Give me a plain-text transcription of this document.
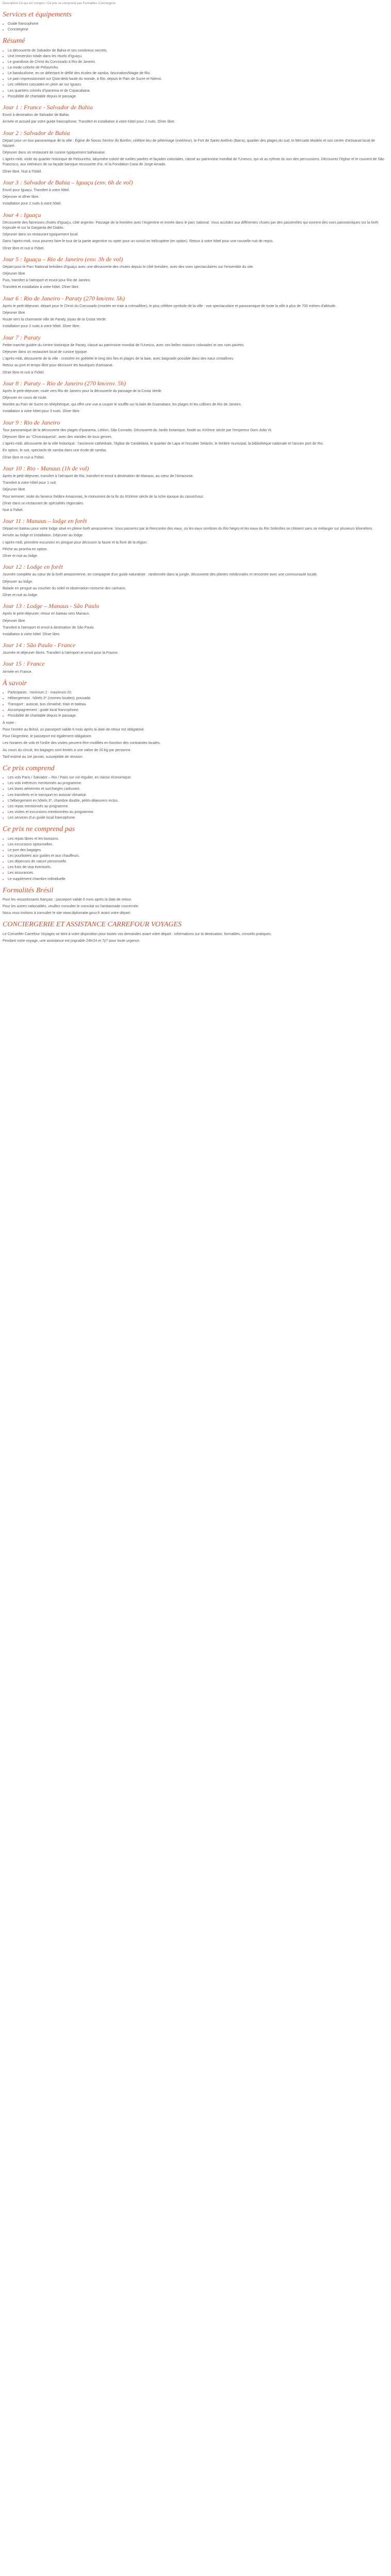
Description Ce qui est compris • Ce prix ne comprend pas Formalités Conciergerie
Services et équipements
• Guide francophone
• Conciergerie
Résumé
• La découverte de Salvador de Bahia et ses nombreux secrets.
• Une immersion totale dans les rituels d'Iguaçu.
• Le grandiose de Christ du Corcovado à Rio de Janeiro.
• La mode colorée de Pelourinho.
• Le bandoulisme, en se délectant le défilé des écoles de samba, fascination/Magie de Rio.
• Le pain impressionnant sur Quoi-delà haute du monde, à Rio, depuis le Pain de Sucre et Niteroi.
• Les célèbres cascades en plein air sur Iguazu.
• Les quartiers colorés d'Ipanema et de Copacabana.
• Possibilité de charitable depuis le passage.
Jour 1 : France - Salvador de Bahia

Envol à destination de Salvador de Bahia.

Arrivée et accueil par votre guide francophone. Transfert et installation à votre hôtel pour 2 nuits. Dîner libre.

Jour 2 : Salvador de Bahia

Départ pour un tour panoramique de la ville : Église de Nosso Senhor do Bonfim, célèbre lieu de pèlerinage (extérieur), le Fort de Santo Antônio (Barra), quartier des plages du sud, le Mercado Modelo et son centre d'artisanat local de Nazaré.

Déjeuner dans un restaurant de cuisine typiquement bahianaise.

L'après-midi, visite du quartier historique de Pelourinho, labyrinthe coloré de ruelles pavées et façades coloniales, classé au patrimoine mondial de l'Unesco, qui vit au rythme du son des percussions. Découvrez l'église et le couvent de São Francisco, aux intérieurs de sa façade baroque recouverte d'or, et la Fondation Casa de Jorge Amado.

Dîner libre. Nuit à l'hôtel.

Jour 3 : Salvador de Bahia – Iguaçu (env. 6h de vol)

Envol pour Iguaçu. Transfert à votre hôtel.

Déjeuner et dîner libre.

Installation pour 2 nuits à votre hôtel.

Jour 4 : Iguaçu

Découverte des fameuses chutes d'Iguaçu, côté argentin. Passage de la frontière avec l'Argentine et entrée dans le parc national. Vous accédez aux différentes chutes par des passerelles qui ouvrent des vues panoramiques sur la forêt tropicale et sur la Garganta del Diablo.

Déjeuner dans un restaurant typiquement local.

Dans l'après-midi, vous pourrez faire le tour de la partie argentine ou opter pour un survol en hélicoptère (en option). Retour à votre hôtel pour une nouvelle nuit de repos.

Dîner libre et nuit à l'hôtel.

Jour 5 : Iguaçu – Rio de Janeiro (env. 3h de vol)

Départ pour le Parc National brésilien d'Iguaçu avec une découverte des chutes depuis le côté brésilien, avec des vues spectaculaires sur l'ensemble du site.

Déjeuner libre.

Puis, transfert à l'aéroport et envol pour Rio de Janeiro.

Transfert et installation à votre hôtel. Dîner libre.

Jour 6 : Rio de Janeiro - Paraty (270 km/env. 5h)

Après le petit-déjeuner, départ pour le Christ du Corcovado (montée en train à crémaillère), le plus célèbre symbole de la ville : vue spectaculaire et panoramique de toute la ville à plus de 700 mètres d'altitude.

Déjeuner libre.

Route vers la charmante ville de Paraty, joyau de la Costa Verde.

Installation pour 2 nuits à votre hôtel. Dîner libre.

Jour 7 : Paraty

Petite marche guidée du centre historique de Paraty, classé au patrimoine mondial de l'Unesco, avec ses belles maisons coloniales et ses rues pavées.

Déjeuner dans un restaurant local de cuisine typique.

L'après-midi, découverte de la ville : croisière en goélette le long des îles et plages de la baie, avec baignade possible dans des eaux cristallines.

Retour au port et temps libre pour découvrir les boutiques d'artisanat.

Dîner libre et nuit à l'hôtel.

Jour 8 : Paraty – Rio de Janeiro (270 km/env. 5h)

Après le petit-déjeuner, route vers Rio de Janeiro pour la découverte du passage de la Costa Verde.

Déjeuner en cours de route.

Montée au Pain de Sucre en téléphérique, qui offre une vue à couper le souffle sur la baie de Guanabara, les plages et les collines de Rio de Janeiro.

Installation à votre hôtel pour 3 nuits. Dîner libre.

Jour 9 : Rio de Janeiro

Tour panoramique de la découverte des plages d'Ipanema, Leblon, São Conrado. Découverte du Jardin botanique, fondé au XIXème siècle par l'empereur Dom João VI.

Déjeuner libre au "Churrasqueria", avec des viandes de tous genres.

L'après-midi, découverte de la ville historique : l'ancienne cathédrale, l'église de Candelária, le quartier de Lapa et l'escalier Selarón, le théâtre municipal, la bibliothèque nationale et l'ancien port de Rio.

En option, le soir, spectacle de samba dans une école de samba.

Dîner libre et nuit à l'hôtel.

Jour 10 : Rio - Manaus (1h de vol)

Après le petit-déjeuner, transfert à l'aéroport de Rio, transfert et envol à destination de Manaus, au cœur de l'Amazonie.

Transfert à votre hôtel pour 1 nuit.

Déjeuner libre.

Pour terminer, visite du fameux théâtre Amazonas, le monument de la fin du XIXème siècle de la riche époque du caoutchouc.

Dîner dans un restaurant de spécialités régionales.

Nuit à l'hôtel.

Jour 11 : Manaus – lodge en forêt

Départ en bateau pour votre lodge situé en pleine forêt amazonienne. Vous passerez par la Rencontre des eaux, où les eaux sombres du Rio Negro et les eaux du Rio Solimões se côtoient sans se mélanger sur plusieurs kilomètres.

Arrivée au lodge et installation. Déjeuner au lodge.

L'après-midi, première excursion en pirogue pour découvrir la faune et la flore de la région.

Pêche au piranha en option.

Dîner et nuit au lodge.

Jour 12 : Lodge en forêt

Journée complète au cœur de la forêt amazonienne, en compagnie d'un guide naturaliste : randonnée dans la jungle, découverte des plantes médicinales et rencontre avec une communauté locale.

Déjeuner au lodge.

Balade en pirogue au coucher du soleil et observation nocturne des caïmans.

Dîner et nuit au lodge.

Jour 13 : Lodge – Manaus - São Paulo

Après le petit-déjeuner, retour en bateau vers Manaus.

Déjeuner libre.

Transfert à l'aéroport et envol à destination de São Paulo.

Installation à votre hôtel. Dîner libre.

Jour 14 : São Paulo - France

Journée et déjeuner libres. Transfert à l'aéroport et envol pour la France.

Jour 15 : France

Arrivée en France.

À savoir
• Participants : minimum 2 - maximum 20.
• Hébergement : hôtels 3* (normes locales), pousada.
• Transport : autocar, bus climatisé, train et bateau.
• Accompagnement : guide local francophone.
• Possibilité de charitable depuis le passage.

À noter :

Pour l'entrée au Brésil, un passeport valide 6 mois après la date de retour est obligatoire.

Pour l'Argentine, le passeport est également obligatoire.

Les horaires de vols et l'ordre des visites peuvent être modifiés en fonction des contraintes locales.

Au cours du circuit, les bagages sont limités à une valise de 20 kg par personne.

Tarif estimé au 1er janvier, susceptible de révision.

Ce prix comprend
• Les vols Paris / Salvador – Rio / Paris sur vol régulier, en classe économique.
• Les vols intérieurs mentionnés au programme.
• Les taxes aériennes et surcharges carburant.
• Les transferts et le transport en autocar climatisé.
• L'hébergement en hôtels 3*, chambre double, petits-déjeuners inclus.
• Les repas mentionnés au programme.
• Les visites et excursions mentionnées au programme.
• Les services d'un guide local francophone.
Ce prix ne comprend pas
• Les repas libres et les boissons.
• Les excursions optionnelles.
• Le port des bagages.
• Les pourboires aux guides et aux chauffeurs.
• Les dépenses de nature personnelle.
• Les frais de visa éventuels.
• Les assurances.
• Le supplément chambre individuelle.
Formalités Brésil

Pour les ressortissants français : passeport valide 6 mois après la date de retour.

Pour les autres nationalités, veuillez consulter le consulat ou l'ambassade concernée.

Nous vous invitons à consulter le site www.diplomatie.gouv.fr avant votre départ.

CONCIERGERIE ET ASSISTANCE CARREFOUR VOYAGES

Le Conseiller Carrefour Voyages se tient à votre disposition pour toutes vos demandes avant votre départ : informations sur la destination, formalités, conseils pratiques.

Pendant votre voyage, une assistance est joignable 24h/24 et 7j/7 pour toute urgence.
